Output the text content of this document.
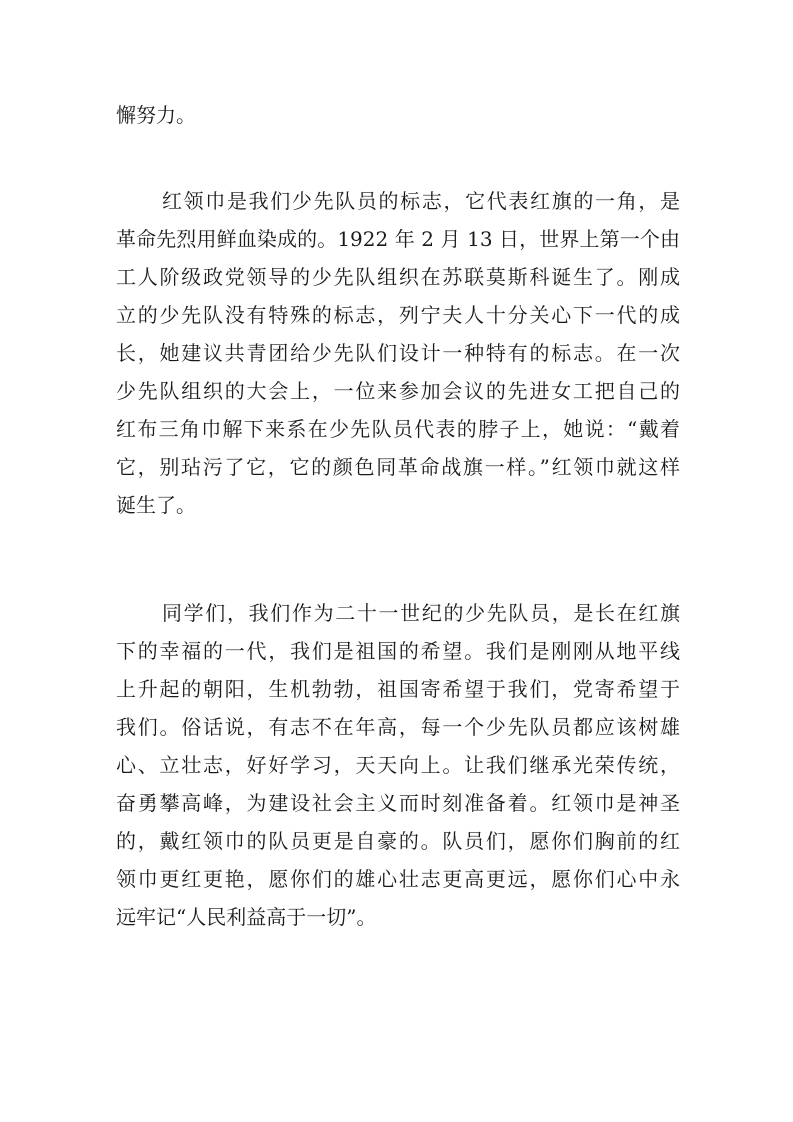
懈努力。
红领巾是我们少先队员的标志，它代表红旗的一角，是
革命先烈用鲜血染成的。1922 年 2 月 13 日，世界上第一个由
工人阶级政党领导的少先队组织在苏联莫斯科诞生了。刚成
立的少先队没有特殊的标志，列宁夫人十分关心下一代的成
长，她建议共青团给少先队们设计一种特有的标志。在一次
少先队组织的大会上，一位来参加会议的先进女工把自己的
红布三角巾解下来系在少先队员代表的脖子上，她说：“戴着
它，别玷污了它，它的颜色同革命战旗一样。”红领巾就这样
诞生了。
同学们，我们作为二十一世纪的少先队员，是长在红旗
下的幸福的一代，我们是祖国的希望。我们是刚刚从地平线
上升起的朝阳，生机勃勃，祖国寄希望于我们，党寄希望于
我们。俗话说，有志不在年高，每一个少先队员都应该树雄
心、立壮志，好好学习，天天向上。让我们继承光荣传统，
奋勇攀高峰，为建设社会主义而时刻准备着。红领巾是神圣
的，戴红领巾的队员更是自豪的。队员们，愿你们胸前的红
领巾更红更艳，愿你们的雄心壮志更高更远，愿你们心中永
远牢记“人民利益高于一切”。
